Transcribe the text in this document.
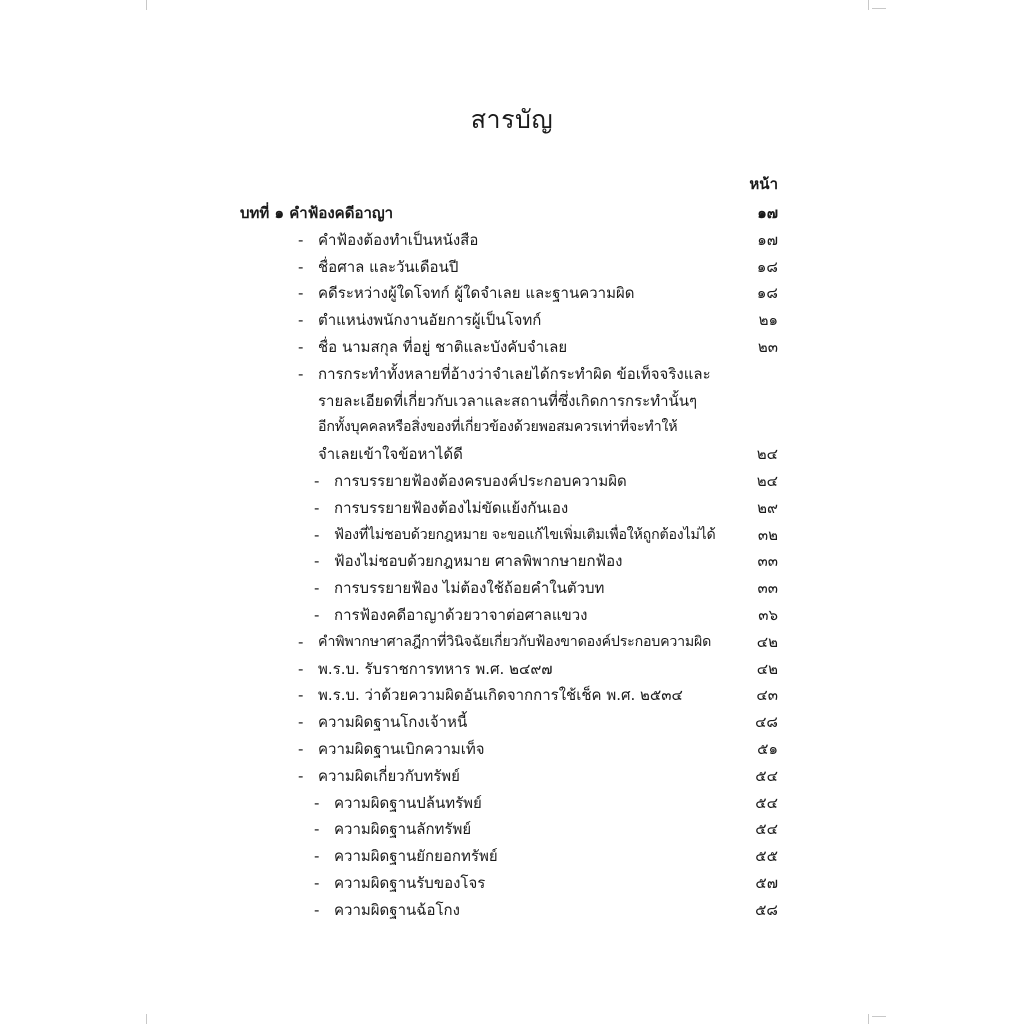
สารบัญ
หน้า
บทที่ ๑ คำฟ้องคดีอาญา	๑๗
- คำฟ้องต้องทำเป็นหนังสือ	๑๗
- ชื่อศาล และวันเดือนปี	๑๘
- คดีระหว่างผู้ใดโจทก์ ผู้ใดจำเลย และฐานความผิด	๑๘
- ตำแหน่งพนักงานอัยการผู้เป็นโจทก์	๒๑
- ชื่อ นามสกุล ที่อยู่ ชาติและบังคับจำเลย	๒๓
- การกระทำทั้งหลายที่อ้างว่าจำเลยได้กระทำผิด ข้อเท็จจริงและ
รายละเอียดที่เกี่ยวกับเวลาและสถานที่ซึ่งเกิดการกระทำนั้นๆ
อีกทั้งบุคคลหรือสิ่งของที่เกี่ยวข้องด้วยพอสมควรเท่าที่จะทำให้
จำเลยเข้าใจข้อหาได้ดี	๒๔
- การบรรยายฟ้องต้องครบองค์ประกอบความผิด	๒๔
- การบรรยายฟ้องต้องไม่ขัดแย้งกันเอง	๒๙
- ฟ้องที่ไม่ชอบด้วยกฎหมาย จะขอแก้ไขเพิ่มเติมเพื่อให้ถูกต้องไม่ได้	๓๒
- ฟ้องไม่ชอบด้วยกฎหมาย ศาลพิพากษายกฟ้อง	๓๓
- การบรรยายฟ้อง ไม่ต้องใช้ถ้อยคำในตัวบท	๓๓
- การฟ้องคดีอาญาด้วยวาจาต่อศาลแขวง	๓๖
- คำพิพากษาศาลฎีกาที่วินิจฉัยเกี่ยวกับฟ้องขาดองค์ประกอบความผิด	๔๒
- พ.ร.บ. รับราชการทหาร พ.ศ. ๒๔๙๗	๔๒
- พ.ร.บ. ว่าด้วยความผิดอันเกิดจากการใช้เช็ค พ.ศ. ๒๕๓๔	๔๓
- ความผิดฐานโกงเจ้าหนี้	๔๘
- ความผิดฐานเบิกความเท็จ	๕๑
- ความผิดเกี่ยวกับทรัพย์	๕๔
- ความผิดฐานปล้นทรัพย์	๕๔
- ความผิดฐานลักทรัพย์	๕๔
- ความผิดฐานยักยอกทรัพย์	๕๕
- ความผิดฐานรับของโจร	๕๗
- ความผิดฐานฉ้อโกง	๕๘
